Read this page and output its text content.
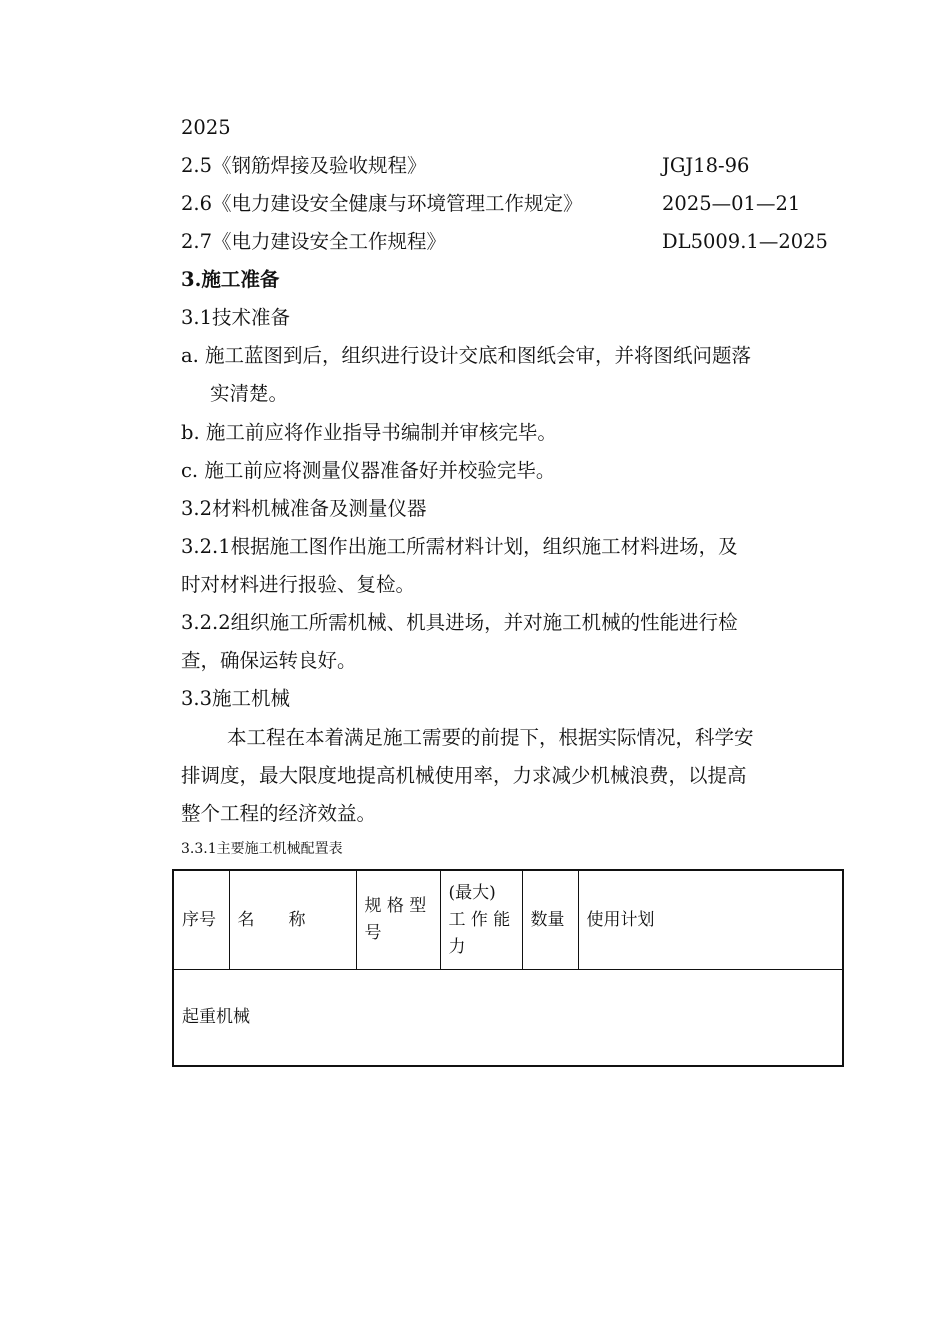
2025
2.5《钢筋焊接及验收规程》	JGJ18-96
2.6《电力建设安全健康与环境管理工作规定》	2025—01—21
2.7《电力建设安全工作规程》	DL5009.1—2025
3.施工准备
3.1技术准备
a. 施工蓝图到后，组织进行设计交底和图纸会审，并将图纸问题落
实清楚。
b. 施工前应将作业指导书编制并审核完毕。
c. 施工前应将测量仪器准备好并校验完毕。
3.2材料机械准备及测量仪器
3.2.1根据施工图作出施工所需材料计划，组织施工材料进场，及
时对材料进行报验、复检。
3.2.2组织施工所需机械、机具进场，并对施工机械的性能进行检
查，确保运转良好。
3.3施工机械
本工程在本着满足施工需要的前提下，根据实际情况，科学安
排调度，最大限度地提高机械使用率，力求减少机械浪费，以提高
整个工程的经济效益。
3.3.1主要施工机械配置表
序号	名　　称	规 格 型 号	(最大) 工 作 能 力	数量	使用计划
起重机械
